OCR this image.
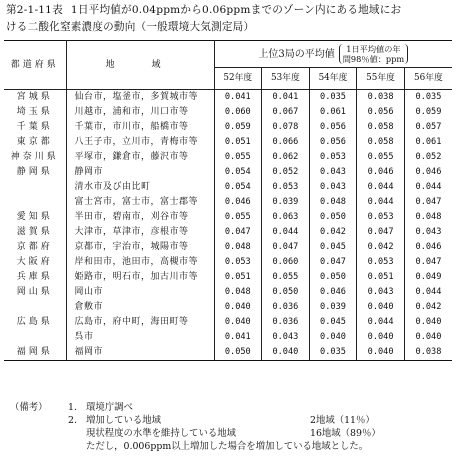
第2-1-11表 1日平均値が0.04ppmから0.06ppmまでのゾーン内にある地域にお
ける二酸化窒素濃度の動向（一般環境大気測定局）
都道府県	地　域	上位3局の平均値 1日平均値の年
間98％値：ppm				

		52年度	53年度	54年度	55年度	56年度
宮城県	仙台市，塩釜市，多賀城市等	0.041	0.041	0.035	0.038	0.035
埼玉県	川越市，浦和市，川口市等	0.060	0.067	0.061	0.056	0.059
千葉県	千葉市，市川市，船橋市等	0.059	0.078	0.056	0.058	0.057
東京都	八王子市，立川市，青梅市等	0.051	0.066	0.056	0.058	0.061
神奈川県	平塚市，鎌倉市，藤沢市等	0.055	0.062	0.053	0.055	0.052
静岡県	静岡市	0.054	0.052	0.043	0.046	0.046
	清水市及び由比町	0.054	0.053	0.043	0.044	0.044
	富士宮市，富士市，富士郡等	0.046	0.039	0.048	0.044	0.047
愛知県	半田市，碧南市，刈谷市等	0.055	0.063	0.050	0.053	0.048
滋賀県	大津市，草津市，彦根市等	0.047	0.044	0.042	0.047	0.043
京都府	京都市，宇治市，城陽市等	0.048	0.047	0.045	0.042	0.046
大阪府	岸和田市，池田市，高槻市等	0.053	0.060	0.047	0.053	0.047
兵庫県	姫路市，明石市，加古川市等	0.051	0.055	0.050	0.051	0.049
岡山県	岡山市	0.048	0.050	0.046	0.043	0.044
	倉敷市	0.040	0.036	0.039	0.040	0.042
広島県	広島市，府中町，海田町等	0.040	0.036	0.045	0.044	0.040
	呉市	0.041	0.043	0.040	0.040	0.040
福岡県	福岡市	0.050	0.040	0.035	0.040	0.038
（備考） 1. 環境庁調べ
2. 増加している地域	2地域（11％）
現状程度の水準を維持している地域	16地域（89％）
ただし，0.006ppm以上増加した場合を増加している地域とした。
